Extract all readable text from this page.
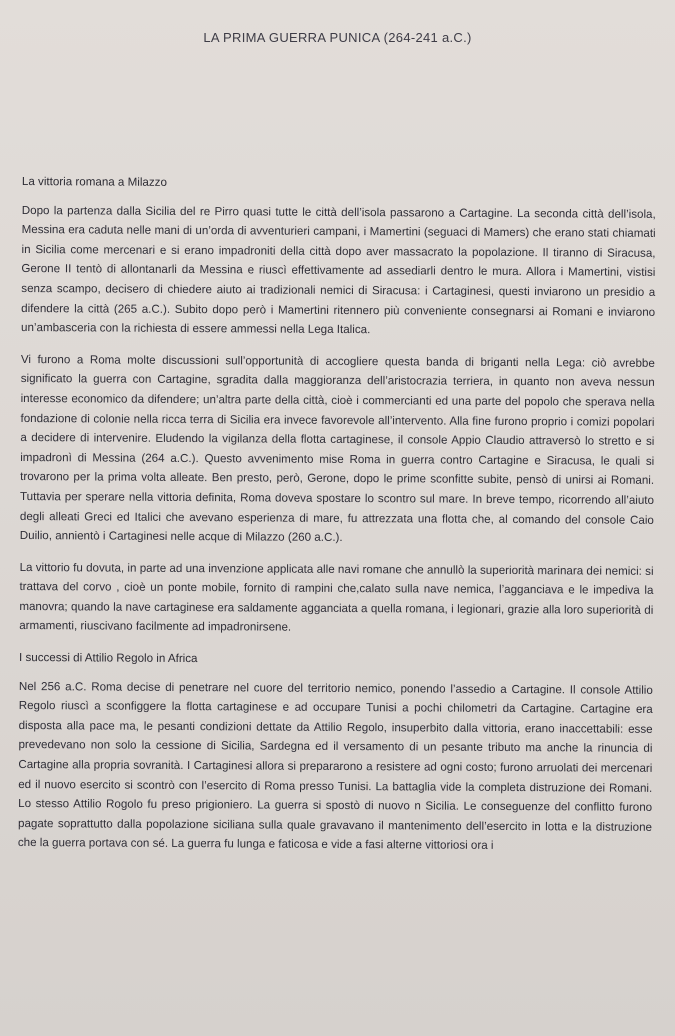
LA PRIMA GUERRA PUNICA (264-241 a.C.)
La vittoria romana a Milazzo
Dopo la partenza dalla Sicilia del re Pirro quasi tutte le città dell’isola passarono a Cartagine. La seconda città dell’isola, Messina era caduta nelle mani di un’orda di avventurieri campani, i Mamertini (seguaci di Mamers) che erano stati chiamati in Sicilia come mercenari e si erano impadroniti della città dopo aver massacrato la popolazione. Il tiranno di Siracusa, Gerone II tentò di allontanarli da Messina e riuscì effettivamente ad assediarli dentro le mura. Allora i Mamertini, vistisi senza scampo, decisero di chiedere aiuto ai tradizionali nemici di Siracusa: i Cartaginesi, questi inviarono un presidio a difendere la città (265 a.C.). Subito dopo però i Mamertini ritennero più conveniente consegnarsi ai Romani e inviarono un’ambasceria con la richiesta di essere ammessi nella Lega Italica.
Vi furono a Roma molte discussioni sull’opportunità di accogliere questa banda di briganti nella Lega: ciò avrebbe significato la guerra con Cartagine, sgradita dalla maggioranza dell’aristocrazia terriera, in quanto non aveva nessun interesse economico da difendere; un’altra parte della città, cioè i commercianti ed una parte del popolo che sperava nella fondazione di colonie nella ricca terra di Sicilia era invece favorevole all’intervento. Alla fine furono proprio i comizi popolari a decidere di intervenire. Eludendo la vigilanza della flotta cartaginese, il console Appio Claudio attraversò lo stretto e si impadronì di Messina (264 a.C.). Questo avvenimento mise Roma in guerra contro Cartagine e Siracusa, le quali si trovarono per la prima volta alleate. Ben presto, però, Gerone, dopo le prime sconfitte subite, pensò di unirsi ai Romani. Tuttavia per sperare nella vittoria definita, Roma doveva spostare lo scontro sul mare. In breve tempo, ricorrendo all’aiuto degli alleati Greci ed Italici che avevano esperienza di mare, fu attrezzata una flotta che, al comando del console Caio Duilio, annientò i Cartaginesi nelle acque di Milazzo (260 a.C.).
La vittorio fu dovuta, in parte ad una invenzione applicata alle navi romane che annullò la superiorità marinara dei nemici: si trattava del corvo , cioè un ponte mobile, fornito di rampini che,calato sulla nave nemica, l’agganciava e le impediva la manovra; quando la nave cartaginese era saldamente agganciata a quella romana, i legionari, grazie alla loro superiorità di armamenti, riuscivano facilmente ad impadronirsene.
I successi di Attilio Regolo in Africa
Nel 256 a.C. Roma decise di penetrare nel cuore del territorio nemico, ponendo l’assedio a Cartagine. Il console Attilio Regolo riuscì a sconfiggere la flotta cartaginese e ad occupare Tunisi a pochi chilometri da Cartagine. Cartagine era disposta alla pace ma, le pesanti condizioni dettate da Attilio Regolo, insuperbito dalla vittoria, erano inaccettabili: esse prevedevano non solo la cessione di Sicilia, Sardegna ed il versamento di un pesante tributo ma anche la rinuncia di Cartagine alla propria sovranità. I Cartaginesi allora si prepararono a resistere ad ogni costo; furono arruolati dei mercenari ed il nuovo esercito si scontrò con l’esercito di Roma presso Tunisi. La battaglia vide la completa distruzione dei Romani. Lo stesso Attilio Rogolo fu preso prigioniero. La guerra si spostò di nuovo n Sicilia. Le conseguenze del conflitto furono pagate soprattutto dalla popolazione siciliana sulla quale gravavano il mantenimento dell’esercito in lotta e la distruzione che la guerra portava con sé. La guerra fu lunga e faticosa e vide a fasi alterne vittoriosi ora i
